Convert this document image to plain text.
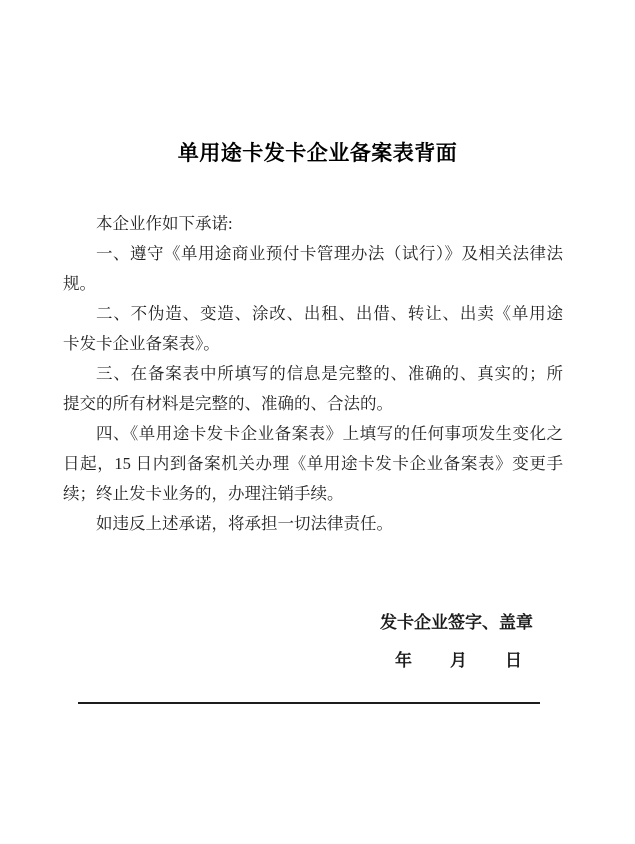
单用途卡发卡企业备案表背面
本企业作如下承诺:
一、遵守《单用途商业预付卡管理办法（试行）》及相关法律法
规。
二、不伪造、变造、涂改、出租、出借、转让、出卖《单用途
卡发卡企业备案表》。
三、在备案表中所填写的信息是完整的、准确的、真实的；所
提交的所有材料是完整的、准确的、合法的。
四、《单用途卡发卡企业备案表》上填写的任何事项发生变化之
日起，15 日内到备案机关办理《单用途卡发卡企业备案表》变更手
续；终止发卡业务的，办理注销手续。
如违反上述承诺，将承担一切法律责任。
发卡企业签字、盖章
年 月 日
